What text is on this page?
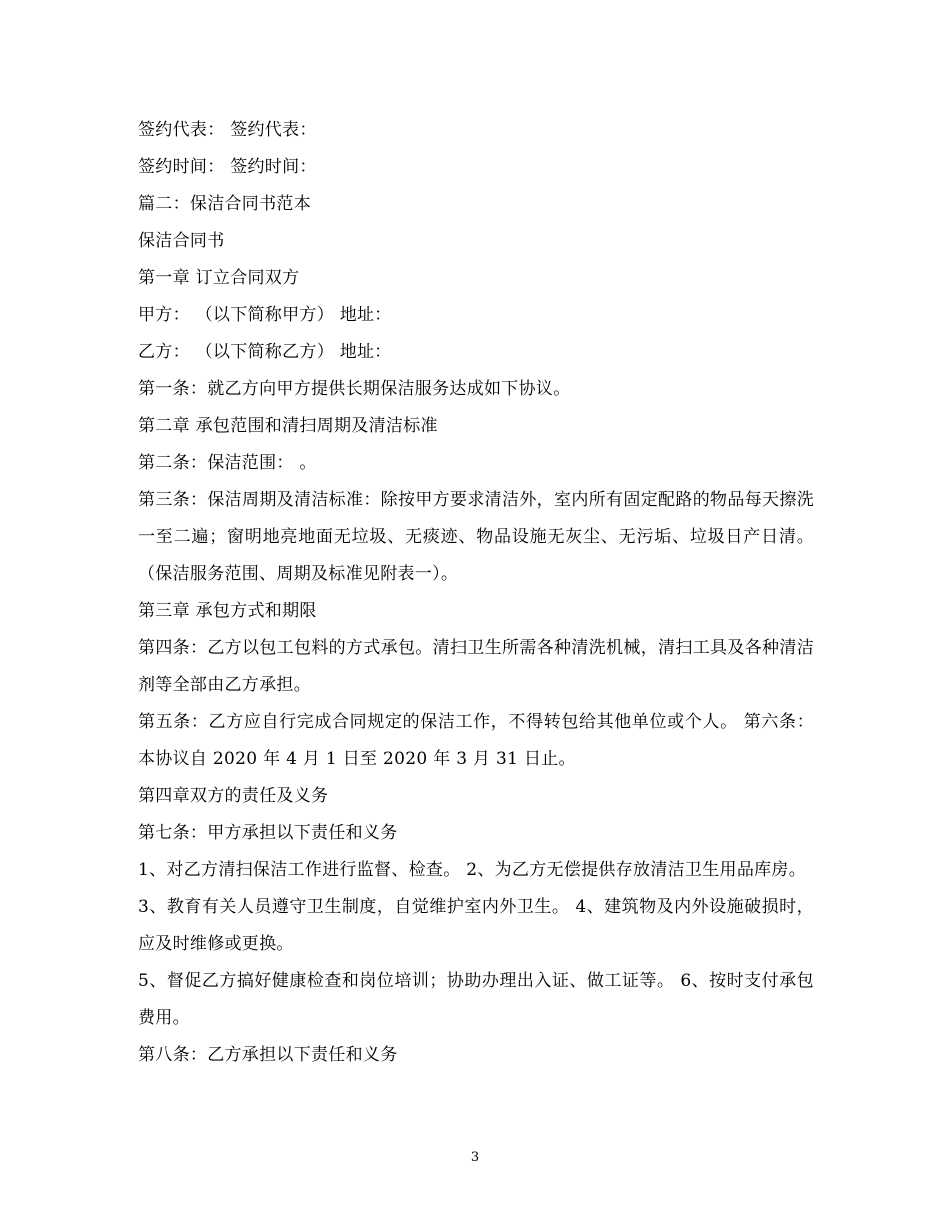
签约代表： 签约代表：
签约时间： 签约时间：
篇二：保洁合同书范本
保洁合同书
第一章 订立合同双方
甲方： （以下简称甲方） 地址：
乙方： （以下简称乙方） 地址：
第一条：就乙方向甲方提供长期保洁服务达成如下协议。
第二章 承包范围和清扫周期及清洁标准
第二条：保洁范围： 。
第三条：保洁周期及清洁标准：除按甲方要求清洁外，室内所有固定配路的物品每天擦洗一至二遍；窗明地亮地面无垃圾、无痰迹、物品设施无灰尘、无污垢、垃圾日产日清。（保洁服务范围、周期及标准见附表一）。
第三章 承包方式和期限
第四条：乙方以包工包料的方式承包。清扫卫生所需各种清洗机械，清扫工具及各种清洁剂等全部由乙方承担。
第五条：乙方应自行完成合同规定的保洁工作，不得转包给其他单位或个人。 第六条：本协议自 2020 年 4 月 1 日至 2020 年 3 月 31 日止。
第四章双方的责任及义务
第七条：甲方承担以下责任和义务
1、对乙方清扫保洁工作进行监督、检查。 2、为乙方无偿提供存放清洁卫生用品库房。
3、教育有关人员遵守卫生制度，自觉维护室内外卫生。 4、建筑物及内外设施破损时，应及时维修或更换。
5、督促乙方搞好健康检查和岗位培训；协助办理出入证、做工证等。 6、按时支付承包费用。
第八条：乙方承担以下责任和义务
3
